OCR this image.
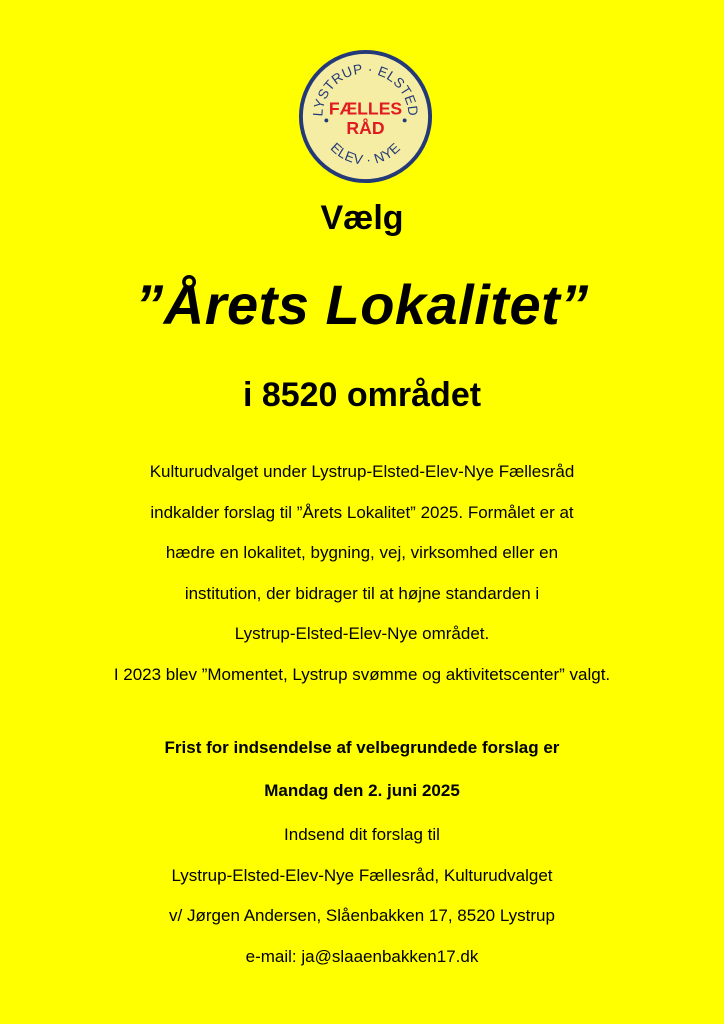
LYSTRUP · ELSTED
ELEV · NYE
FÆLLES
RÅD
Vælg
”Årets Lokalitet”
i 8520 området
Kulturudvalget under Lystrup-Elsted-Elev-Nye Fællesråd
indkalder forslag til ”Årets Lokalitet” 2025. Formålet er at
hædre en lokalitet, bygning, vej, virksomhed eller en
institution, der bidrager til at højne standarden i
Lystrup-Elsted-Elev-Nye området.
I 2023 blev ”Momentet, Lystrup svømme og aktivitetscenter” valgt.
Frist for indsendelse af velbegrundede forslag er
Mandag den 2. juni 2025
Indsend dit forslag til
Lystrup-Elsted-Elev-Nye Fællesråd, Kulturudvalget
v/ Jørgen Andersen, Slåenbakken 17, 8520 Lystrup
e-mail: ja@slaaenbakken17.dk
